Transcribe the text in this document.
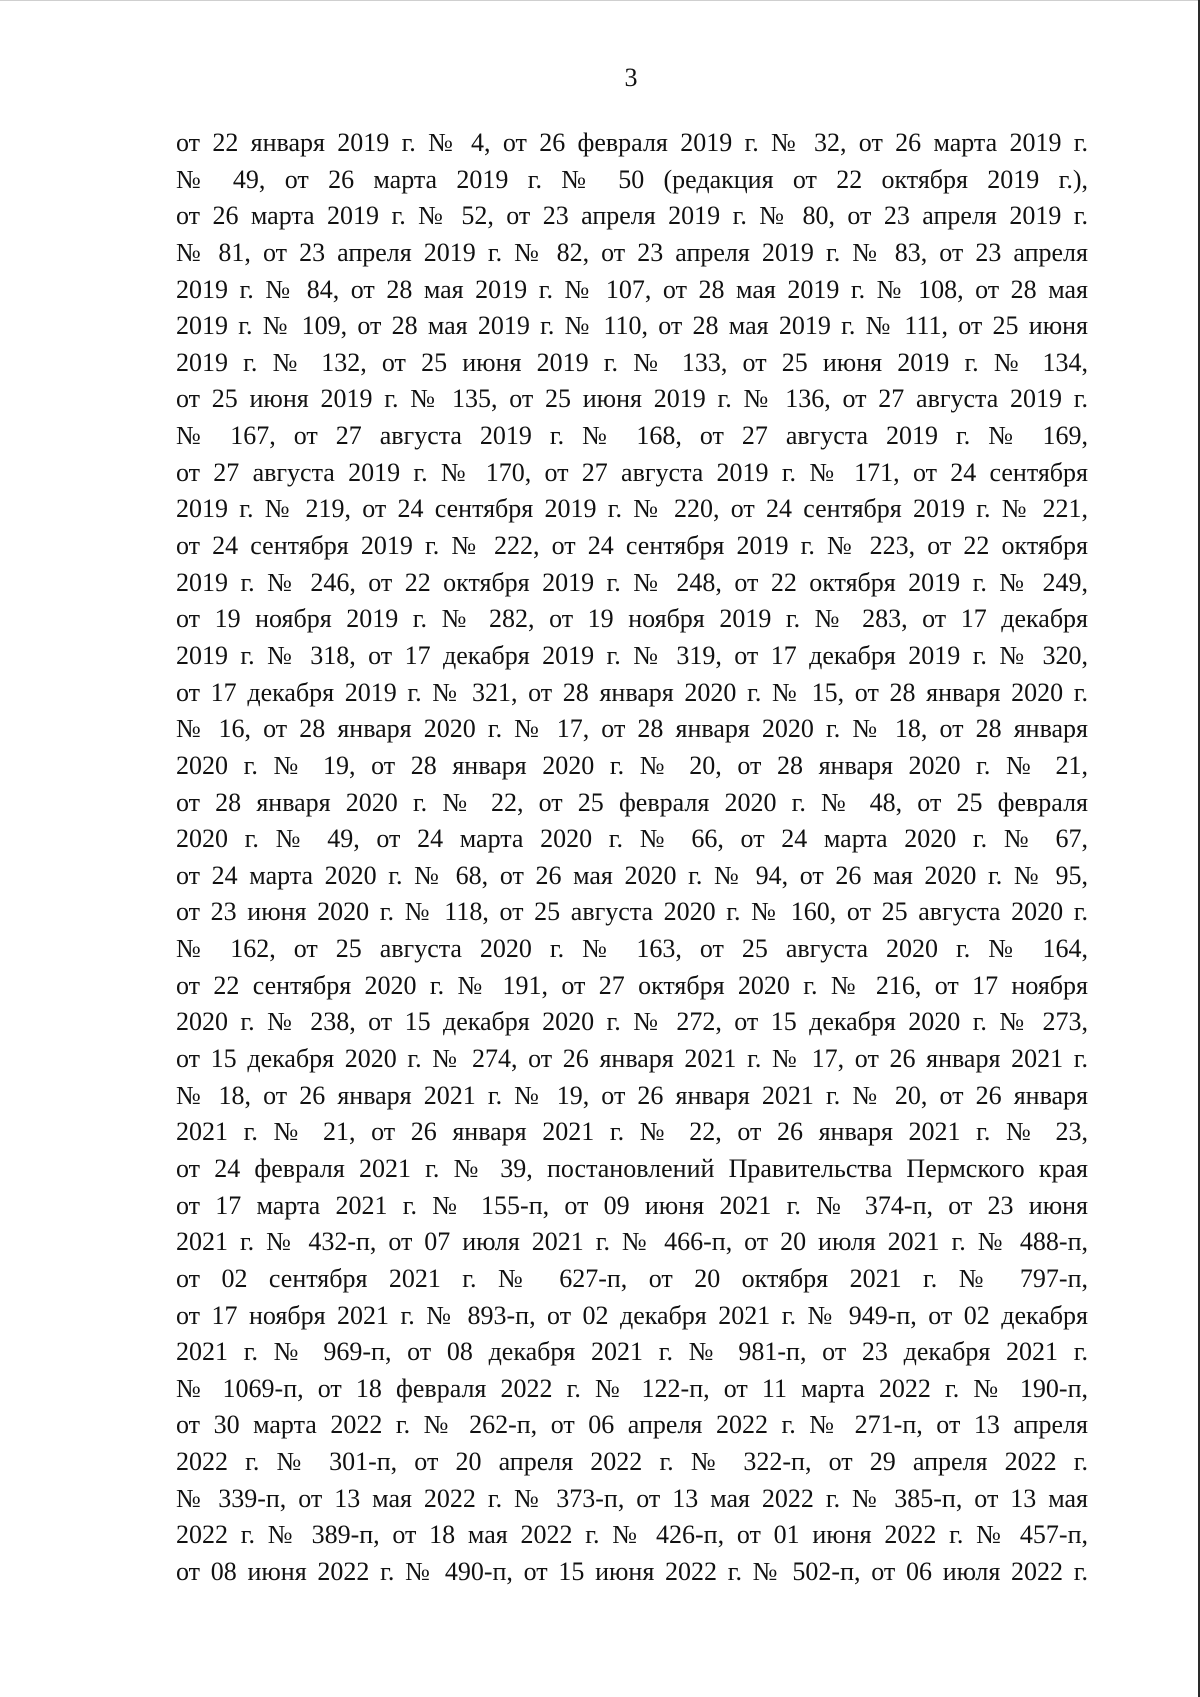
3
от 22 января 2019 г. № 4, от 26 февраля 2019 г. № 32, от 26 марта 2019 г.
№ 49, от 26 марта 2019 г. № 50 (редакция от 22 октября 2019 г.),
от 26 марта 2019 г. № 52, от 23 апреля 2019 г. № 80, от 23 апреля 2019 г.
№ 81, от 23 апреля 2019 г. № 82, от 23 апреля 2019 г. № 83, от 23 апреля
2019 г. № 84, от 28 мая 2019 г. № 107, от 28 мая 2019 г. № 108, от 28 мая
2019 г. № 109, от 28 мая 2019 г. № 110, от 28 мая 2019 г. № 111, от 25 июня
2019 г. № 132, от 25 июня 2019 г. № 133, от 25 июня 2019 г. № 134,
от 25 июня 2019 г. № 135, от 25 июня 2019 г. № 136, от 27 августа 2019 г.
№ 167, от 27 августа 2019 г. № 168, от 27 августа 2019 г. № 169,
от 27 августа 2019 г. № 170, от 27 августа 2019 г. № 171, от 24 сентября
2019 г. № 219, от 24 сентября 2019 г. № 220, от 24 сентября 2019 г. № 221,
от 24 сентября 2019 г. № 222, от 24 сентября 2019 г. № 223, от 22 октября
2019 г. № 246, от 22 октября 2019 г. № 248, от 22 октября 2019 г. № 249,
от 19 ноября 2019 г. № 282, от 19 ноября 2019 г. № 283, от 17 декабря
2019 г. № 318, от 17 декабря 2019 г. № 319, от 17 декабря 2019 г. № 320,
от 17 декабря 2019 г. № 321, от 28 января 2020 г. № 15, от 28 января 2020 г.
№ 16, от 28 января 2020 г. № 17, от 28 января 2020 г. № 18, от 28 января
2020 г. № 19, от 28 января 2020 г. № 20, от 28 января 2020 г. № 21,
от 28 января 2020 г. № 22, от 25 февраля 2020 г. № 48, от 25 февраля
2020 г. № 49, от 24 марта 2020 г. № 66, от 24 марта 2020 г. № 67,
от 24 марта 2020 г. № 68, от 26 мая 2020 г. № 94, от 26 мая 2020 г. № 95,
от 23 июня 2020 г. № 118, от 25 августа 2020 г. № 160, от 25 августа 2020 г.
№ 162, от 25 августа 2020 г. № 163, от 25 августа 2020 г. № 164,
от 22 сентября 2020 г. № 191, от 27 октября 2020 г. № 216, от 17 ноября
2020 г. № 238, от 15 декабря 2020 г. № 272, от 15 декабря 2020 г. № 273,
от 15 декабря 2020 г. № 274, от 26 января 2021 г. № 17, от 26 января 2021 г.
№ 18, от 26 января 2021 г. № 19, от 26 января 2021 г. № 20, от 26 января
2021 г. № 21, от 26 января 2021 г. № 22, от 26 января 2021 г. № 23,
от 24 февраля 2021 г. № 39, постановлений Правительства Пермского края
от 17 марта 2021 г. № 155-п, от 09 июня 2021 г. № 374-п, от 23 июня
2021 г. № 432-п, от 07 июля 2021 г. № 466-п, от 20 июля 2021 г. № 488-п,
от 02 сентября 2021 г. № 627-п, от 20 октября 2021 г. № 797-п,
от 17 ноября 2021 г. № 893-п, от 02 декабря 2021 г. № 949-п, от 02 декабря
2021 г. № 969-п, от 08 декабря 2021 г. № 981-п, от 23 декабря 2021 г.
№ 1069-п, от 18 февраля 2022 г. № 122-п, от 11 марта 2022 г. № 190-п,
от 30 марта 2022 г. № 262-п, от 06 апреля 2022 г. № 271-п, от 13 апреля
2022 г. № 301-п, от 20 апреля 2022 г. № 322-п, от 29 апреля 2022 г.
№ 339-п, от 13 мая 2022 г. № 373-п, от 13 мая 2022 г. № 385-п, от 13 мая
2022 г. № 389-п, от 18 мая 2022 г. № 426-п, от 01 июня 2022 г. № 457-п,
от 08 июня 2022 г. № 490-п, от 15 июня 2022 г. № 502-п, от 06 июля 2022 г.
